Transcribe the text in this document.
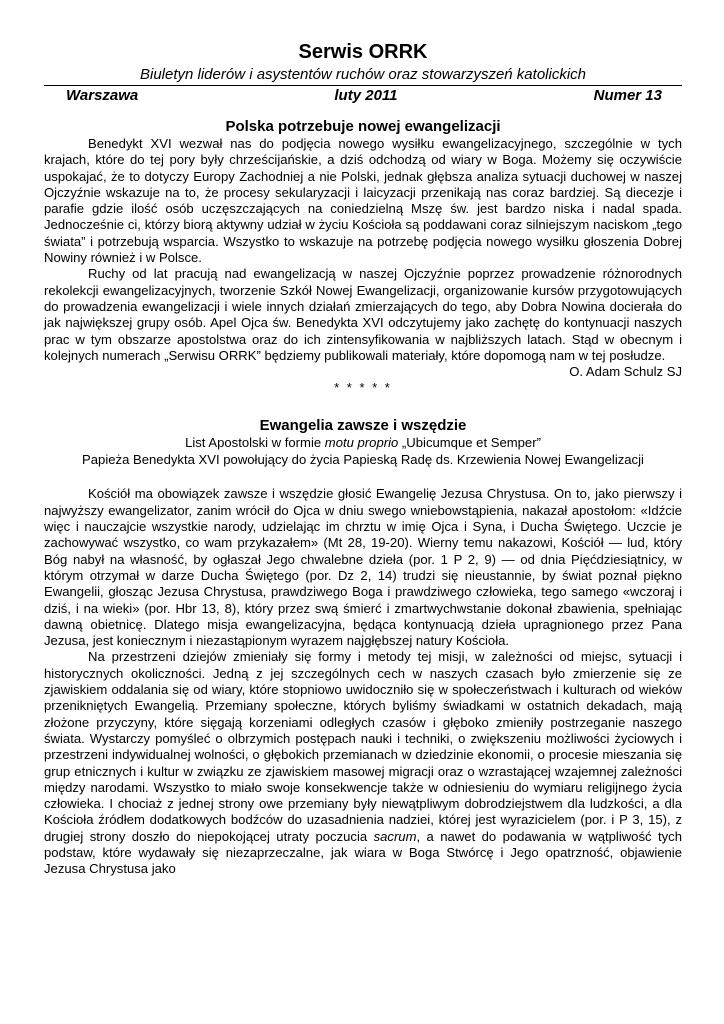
Serwis ORRK

Biuletyn liderów i asystentów ruchów oraz stowarzyszeń katolickich

Warszawa	luty 2011	Numer 13
Polska potrzebuje nowej ewangelizacji

Benedykt XVI wezwał nas do podjęcia nowego wysiłku ewangelizacyjnego, szczególnie w tych krajach, które do tej pory były chrześcijańskie, a dziś odchodzą od wiary w Boga. Możemy się oczywiście uspokajać, że to dotyczy Europy Zachodniej a nie Polski, jednak głębsza analiza sytuacji duchowej w naszej Ojczyźnie wskazuje na to, że procesy sekularyzacji i laicyzacji przenikają nas coraz bardziej. Są diecezje i parafie gdzie ilość osób uczęszczających na coniedzielną Mszę św. jest bardzo niska i nadal spada. Jednocześnie ci, którzy biorą aktywny udział w życiu Kościoła są poddawani coraz silniejszym naciskom „tego świata” i potrzebują wsparcia. Wszystko to wskazuje na potrzebę podjęcia nowego wysiłku głoszenia Dobrej Nowiny również i w Polsce.

Ruchy od lat pracują nad ewangelizacją w naszej Ojczyźnie poprzez prowadzenie różnorodnych rekolekcji ewangelizacyjnych, tworzenie Szkół Nowej Ewangelizacji, organizowanie kursów przygotowujących do prowadzenia ewangelizacji i wiele innych działań zmierzających do tego, aby Dobra Nowina docierała do jak największej grupy osób. Apel Ojca św. Benedykta XVI odczytujemy jako zachętę do kontynuacji naszych prac w tym obszarze apostolstwa oraz do ich zintensyfikowania w najbliższych latach. Stąd w obecnym i kolejnych numerach „Serwisu ORRK” będziemy publikowali materiały, które dopomogą nam w tej posłudze.

O. Adam Schulz SJ

* * * * *

Ewangelia zawsze i wszędzie

List Apostolski w formie motu proprio „Ubicumque et Semper”

Papieża Benedykta XVI powołujący do życia Papieską Radę ds. Krzewienia Nowej Ewangelizacji

Kościół ma obowiązek zawsze i wszędzie głosić Ewangelię Jezusa Chrystusa. On to, jako pierwszy i najwyższy ewangelizator, zanim wrócił do Ojca w dniu swego wniebowstąpienia, nakazał apostołom: «Idźcie więc i nauczajcie wszystkie narody, udzielając im chrztu w imię Ojca i Syna, i Ducha Świętego. Uczcie je zachowywać wszystko, co wam przykazałem» (Mt 28, 19-20). Wierny temu nakazowi, Kościół — lud, który Bóg nabył na własność, by ogłaszał Jego chwalebne dzieła (por. 1 P 2, 9) — od dnia Pięćdziesiątnicy, w którym otrzymał w darze Ducha Świętego (por. Dz 2, 14) trudzi się nieustannie, by świat poznał piękno Ewangelii, głosząc Jezusa Chrystusa, prawdziwego Boga i prawdziwego człowieka, tego samego «wczoraj i dziś, i na wieki» (por. Hbr 13, 8), który przez swą śmierć i zmartwychwstanie dokonał zbawienia, spełniając dawną obietnicę. Dlatego misja ewangelizacyjna, będąca kontynuacją dzieła upragnionego przez Pana Jezusa, jest koniecznym i niezastąpionym wyrazem najgłębszej natury Kościoła.

Na przestrzeni dziejów zmieniały się formy i metody tej misji, w zależności od miejsc, sytuacji i historycznych okoliczności. Jedną z jej szczególnych cech w naszych czasach było zmierzenie się ze zjawiskiem oddalania się od wiary, które stopniowo uwidoczniło się w społeczeństwach i kulturach od wieków przenikniętych Ewangelią. Przemiany społeczne, których byliśmy świadkami w ostatnich dekadach, mają złożone przyczyny, które sięgają korzeniami odległych czasów i głęboko zmieniły postrzeganie naszego świata. Wystarczy pomyśleć o olbrzymich postępach nauki i techniki, o zwiększeniu możliwości życiowych i przestrzeni indywidualnej wolności, o głębokich przemianach w dziedzinie ekonomii, o procesie mieszania się grup etnicznych i kultur w związku ze zjawiskiem masowej migracji oraz o wzrastającej wzajemnej zależności między narodami. Wszystko to miało swoje konsekwencje także w odniesieniu do wymiaru religijnego życia człowieka. I chociaż z jednej strony owe przemiany były niewątpliwym dobrodziejstwem dla ludzkości, a dla Kościoła źródłem dodatkowych bodźców do uzasadnienia nadziei, której jest wyrazicielem (por. i P 3, 15), z drugiej strony doszło do niepokojącej utraty poczucia sacrum, a nawet do podawania w wątpliwość tych podstaw, które wydawały się niezaprzeczalne, jak wiara w Boga Stwórcę i Jego opatrzność, objawienie Jezusa Chrystusa jako
